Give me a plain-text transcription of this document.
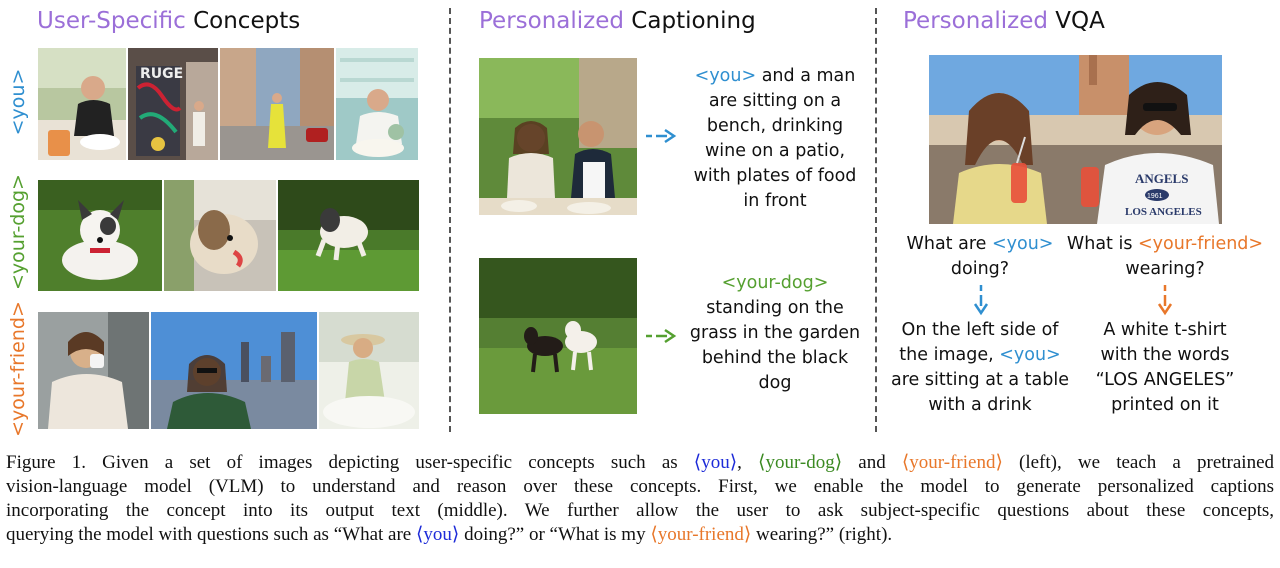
User-Specific Concepts	Personalized Captioning	Personalized VQA
<you>
<your-dog>
<your-friend>
RUGE	<you> and a man
are sitting on a
bench, drinking
wine on a patio,
with plates of food
in front
<your-dog>
standing on the
grass in the garden
behind the black
dog
ANGELS
1961
LOS ANGELES
What are <you>
doing?
What is <your-friend>
wearing?
On the left side of
the image, <you>
are sitting at a table
with a drink
A white t-shirt
with the words
“LOS ANGELES”
printed on it
Figure 1. Given a set of images depicting user-specific concepts such as ⟨you⟩, ⟨your-dog⟩ and ⟨your-friend⟩ (left), we teach a pretrained
vision-language model (VLM) to understand and reason over these concepts. First, we enable the model to generate personalized captions
incorporating the concept into its output text (middle). We further allow the user to ask subject-specific questions about these concepts,
querying the model with questions such as “What are ⟨you⟩ doing?” or “What is my ⟨your-friend⟩ wearing?” (right).
